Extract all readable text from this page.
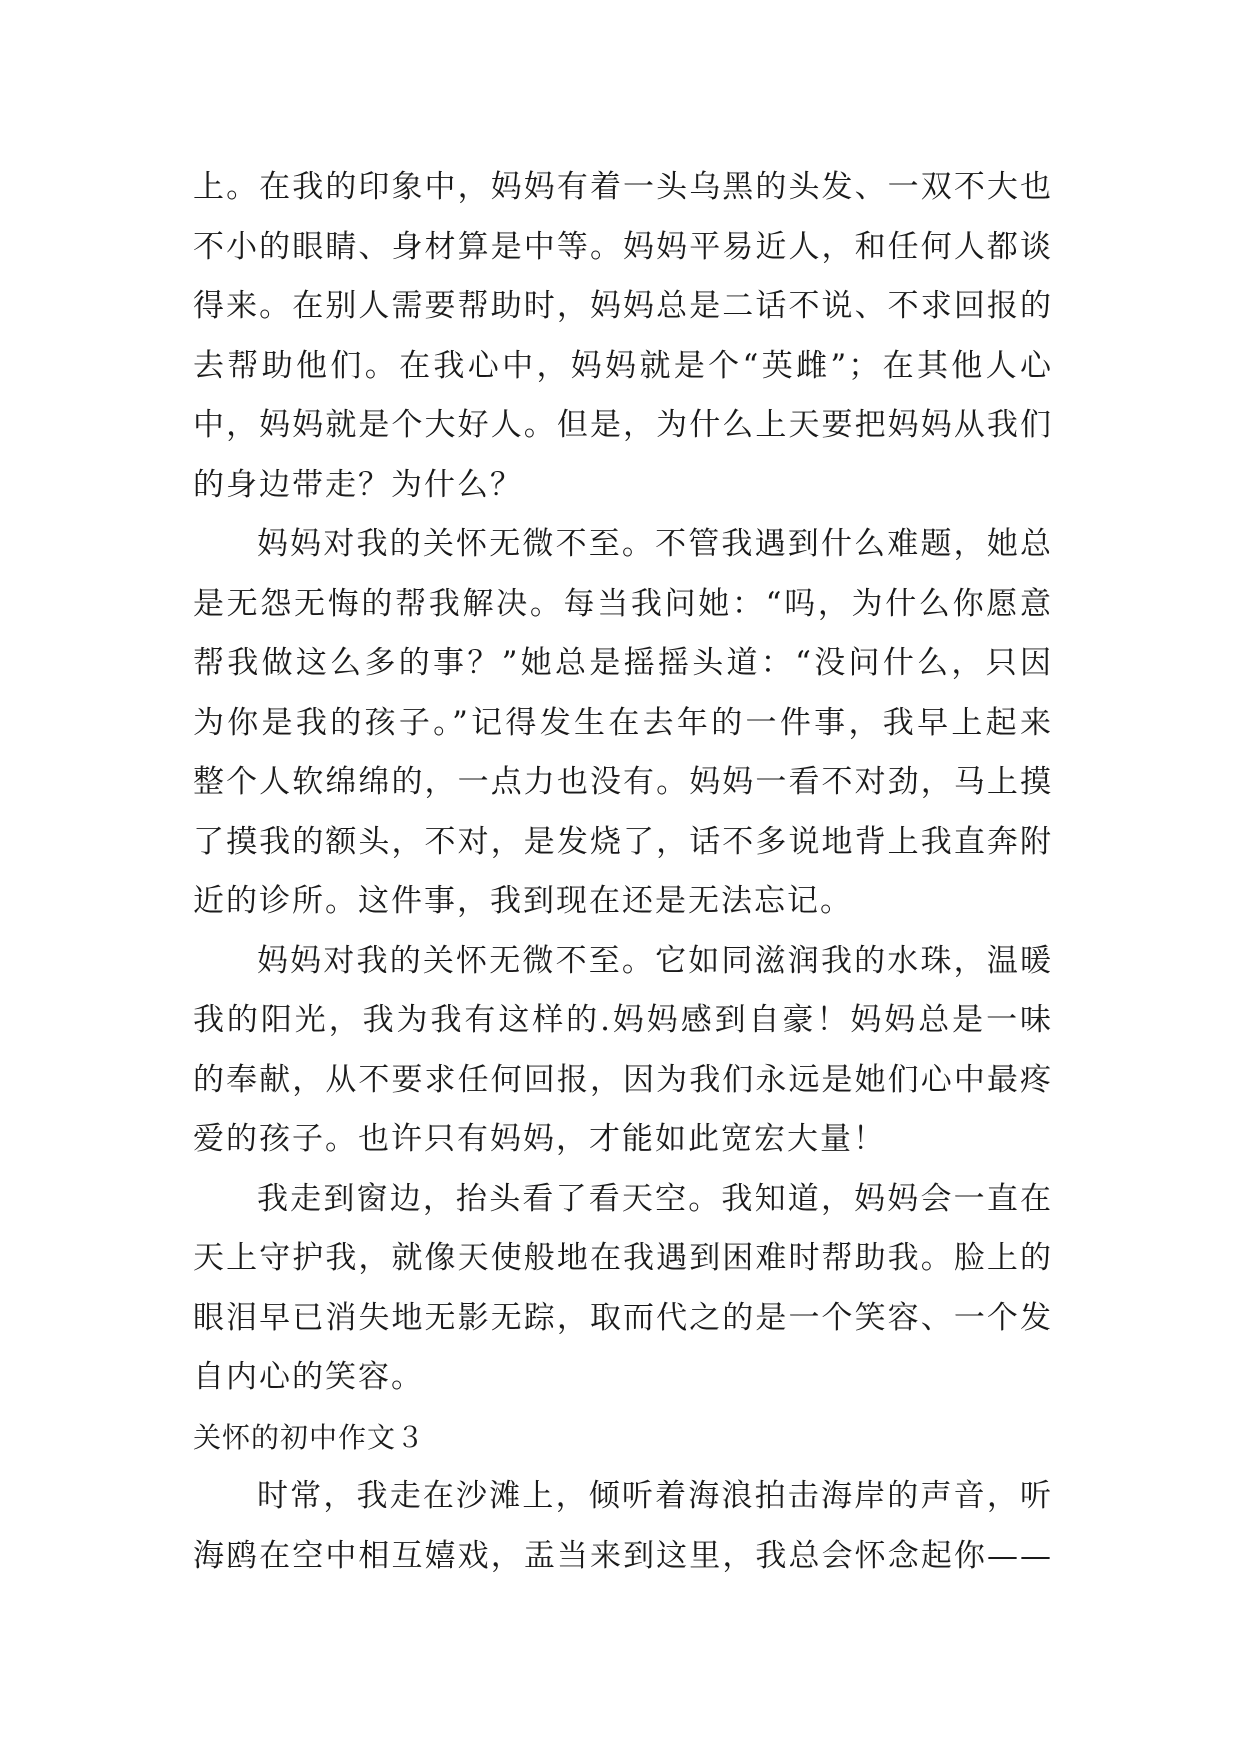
上。在我的印象中，妈妈有着一头乌黑的头发、一双不大也
不小的眼睛、身材算是中等。妈妈平易近人，和任何人都谈
得来。在别人需要帮助时，妈妈总是二话不说、不求回报的
去帮助他们。在我心中，妈妈就是个“英雌”；在其他人心
中，妈妈就是个大好人。但是，为什么上天要把妈妈从我们
的身边带走？为什么？
妈妈对我的关怀无微不至。不管我遇到什么难题，她总
是无怨无悔的帮我解决。每当我问她：“吗，为什么你愿意
帮我做这么多的事？”她总是摇摇头道：“没问什么，只因
为你是我的孩子。”记得发生在去年的一件事，我早上起来
整个人软绵绵的，一点力也没有。妈妈一看不对劲，马上摸
了摸我的额头，不对，是发烧了，话不多说地背上我直奔附
近的诊所。这件事，我到现在还是无法忘记。
妈妈对我的关怀无微不至。它如同滋润我的水珠，温暖
我的阳光，我为我有这样的.妈妈感到自豪！妈妈总是一味
的奉献，从不要求任何回报，因为我们永远是她们心中最疼
爱的孩子。也许只有妈妈，才能如此宽宏大量！
我走到窗边，抬头看了看天空。我知道，妈妈会一直在
天上守护我，就像天使般地在我遇到困难时帮助我。脸上的
眼泪早已消失地无影无踪，取而代之的是一个笑容、一个发
自内心的笑容。
关怀的初中作文３
时常，我走在沙滩上，倾听着海浪拍击海岸的声音，听
海鸥在空中相互嬉戏，盂当来到这里，我总会怀念起你——
